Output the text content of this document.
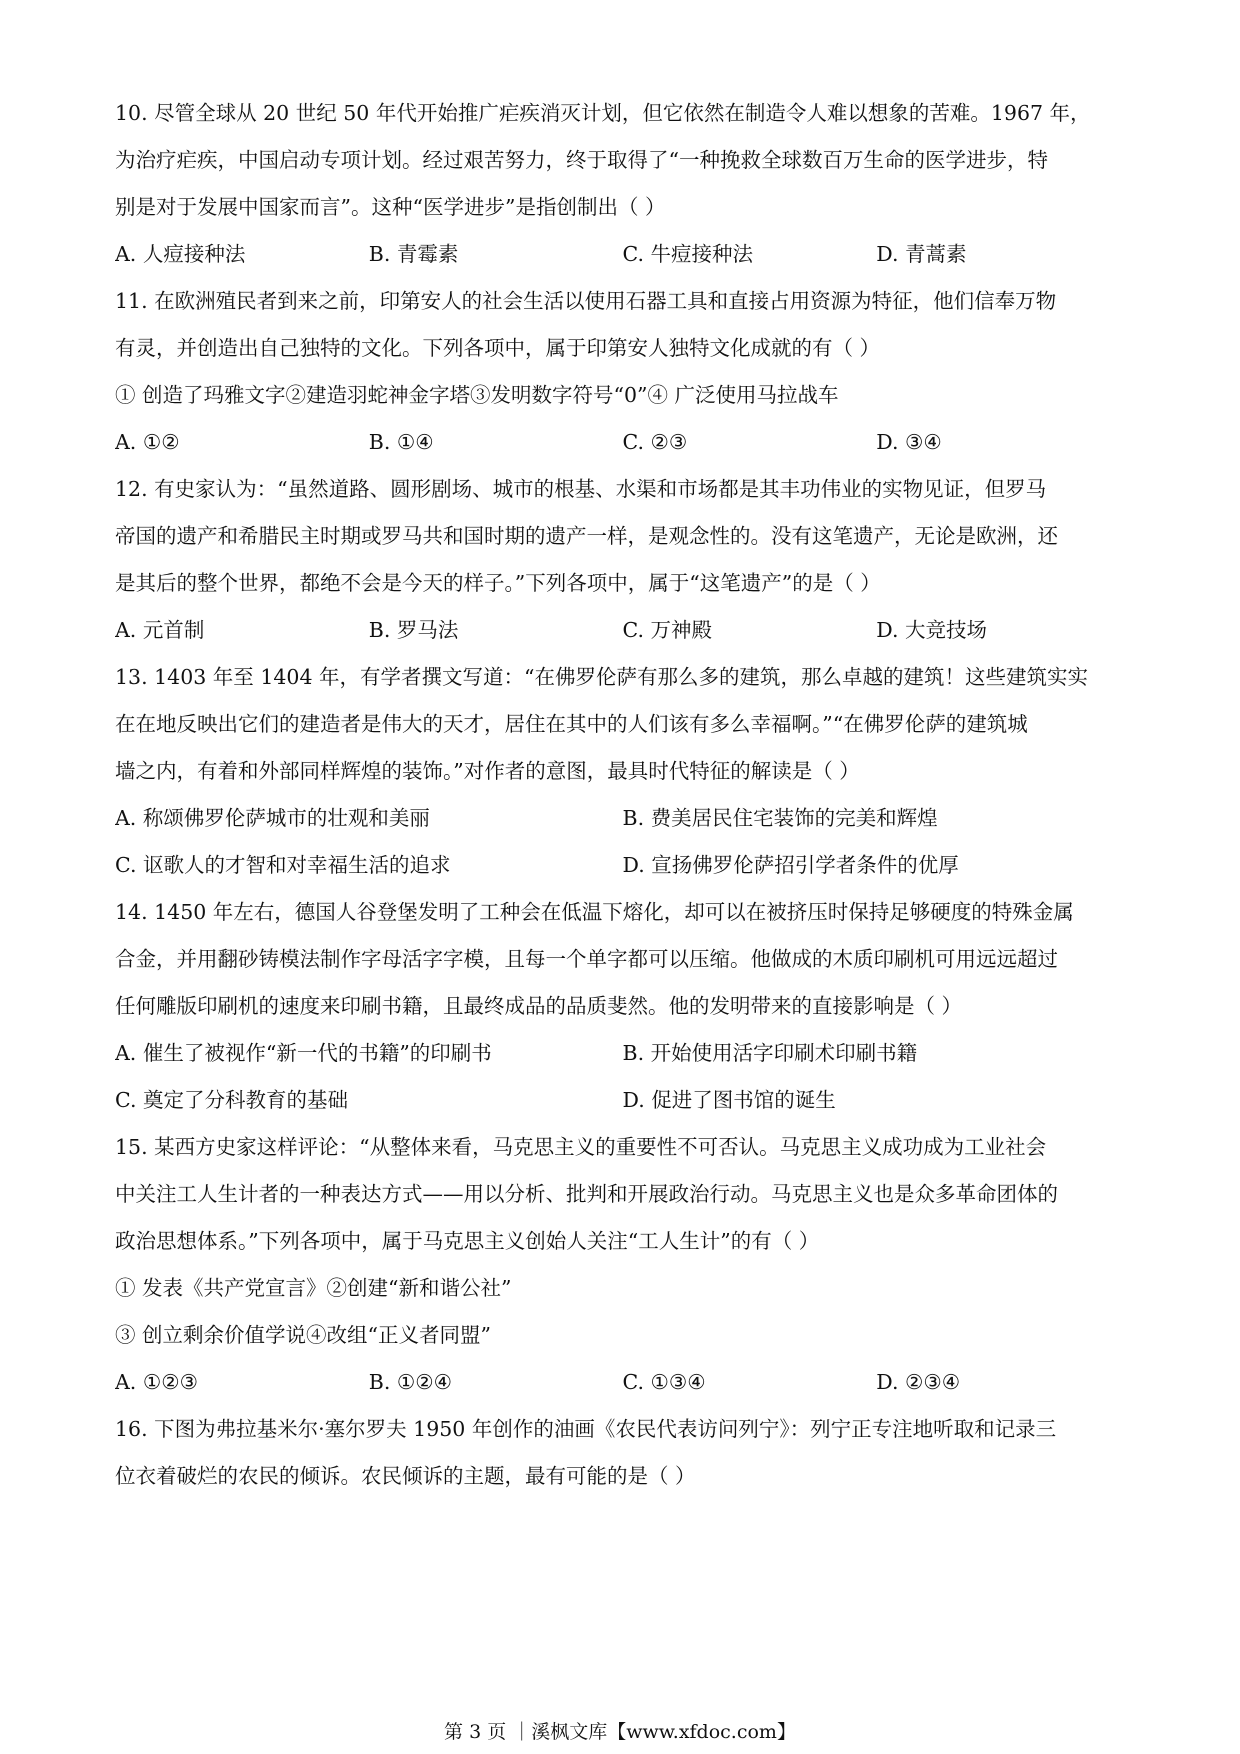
10. 尽管全球从 20 世纪 50 年代开始推广疟疾消灭计划，但它依然在制造令人难以想象的苦难。1967 年，
为治疗疟疾，中国启动专项计划。经过艰苦努力，终于取得了“一种挽救全球数百万生命的医学进步，特
别是对于发展中国家而言”。这种“医学进步”是指创制出（ ）
A. 人痘接种法	B. 青霉素	C. 牛痘接种法	D. 青蒿素
11. 在欧洲殖民者到来之前，印第安人的社会生活以使用石器工具和直接占用资源为特征，他们信奉万物
有灵，并创造出自己独特的文化。下列各项中，属于印第安人独特文化成就的有（ ）
① 创造了玛雅文字②建造羽蛇神金字塔③发明数字符号“0”④ 广泛使用马拉战车
A. ①②	B. ①④	C. ②③	D. ③④
12. 有史家认为：“虽然道路、圆形剧场、城市的根基、水渠和市场都是其丰功伟业的实物见证，但罗马
帝国的遗产和希腊民主时期或罗马共和国时期的遗产一样，是观念性的。没有这笔遗产，无论是欧洲，还
是其后的整个世界，都绝不会是今天的样子。”下列各项中，属于“这笔遗产”的是（ ）
A. 元首制	B. 罗马法	C. 万神殿	D. 大竞技场
13. 1403 年至 1404 年，有学者撰文写道：“在佛罗伦萨有那么多的建筑，那么卓越的建筑！这些建筑实实
在在地反映出它们的建造者是伟大的天才，居住在其中的人们该有多么幸福啊。”“在佛罗伦萨的建筑城
墙之内，有着和外部同样辉煌的装饰。”对作者的意图，最具时代特征的解读是（ ）
A. 称颂佛罗伦萨城市的壮观和美丽	B. 费美居民住宅装饰的完美和辉煌
C. 讴歌人的才智和对幸福生活的追求	D. 宣扬佛罗伦萨招引学者条件的优厚
14. 1450 年左右，德国人谷登堡发明了工种会在低温下熔化，却可以在被挤压时保持足够硬度的特殊金属
合金，并用翻砂铸模法制作字母活字字模，且每一个单字都可以压缩。他做成的木质印刷机可用远远超过
任何雕版印刷机的速度来印刷书籍，且最终成品的品质斐然。他的发明带来的直接影响是（ ）
A. 催生了被视作“新一代的书籍”的印刷书	B. 开始使用活字印刷术印刷书籍
C. 奠定了分科教育的基础	D. 促进了图书馆的诞生
15. 某西方史家这样评论：“从整体来看，马克思主义的重要性不可否认。马克思主义成功成为工业社会
中关注工人生计者的一种表达方式——用以分析、批判和开展政治行动。马克思主义也是众多革命团体的
政治思想体系。”下列各项中，属于马克思主义创始人关注“工人生计”的有（ ）
① 发表《共产党宣言》②创建“新和谐公社”
③ 创立剩余价值学说④改组“正义者同盟”
A. ①②③	B. ①②④	C. ①③④	D. ②③④
16. 下图为弗拉基米尔·塞尔罗夫 1950 年创作的油画《农民代表访问列宁》：列宁正专注地听取和记录三
位衣着破烂的农民的倾诉。农民倾诉的主题，最有可能的是（ ）
第 3 页 ｜溪枫文库【www.xfdoc.com】
